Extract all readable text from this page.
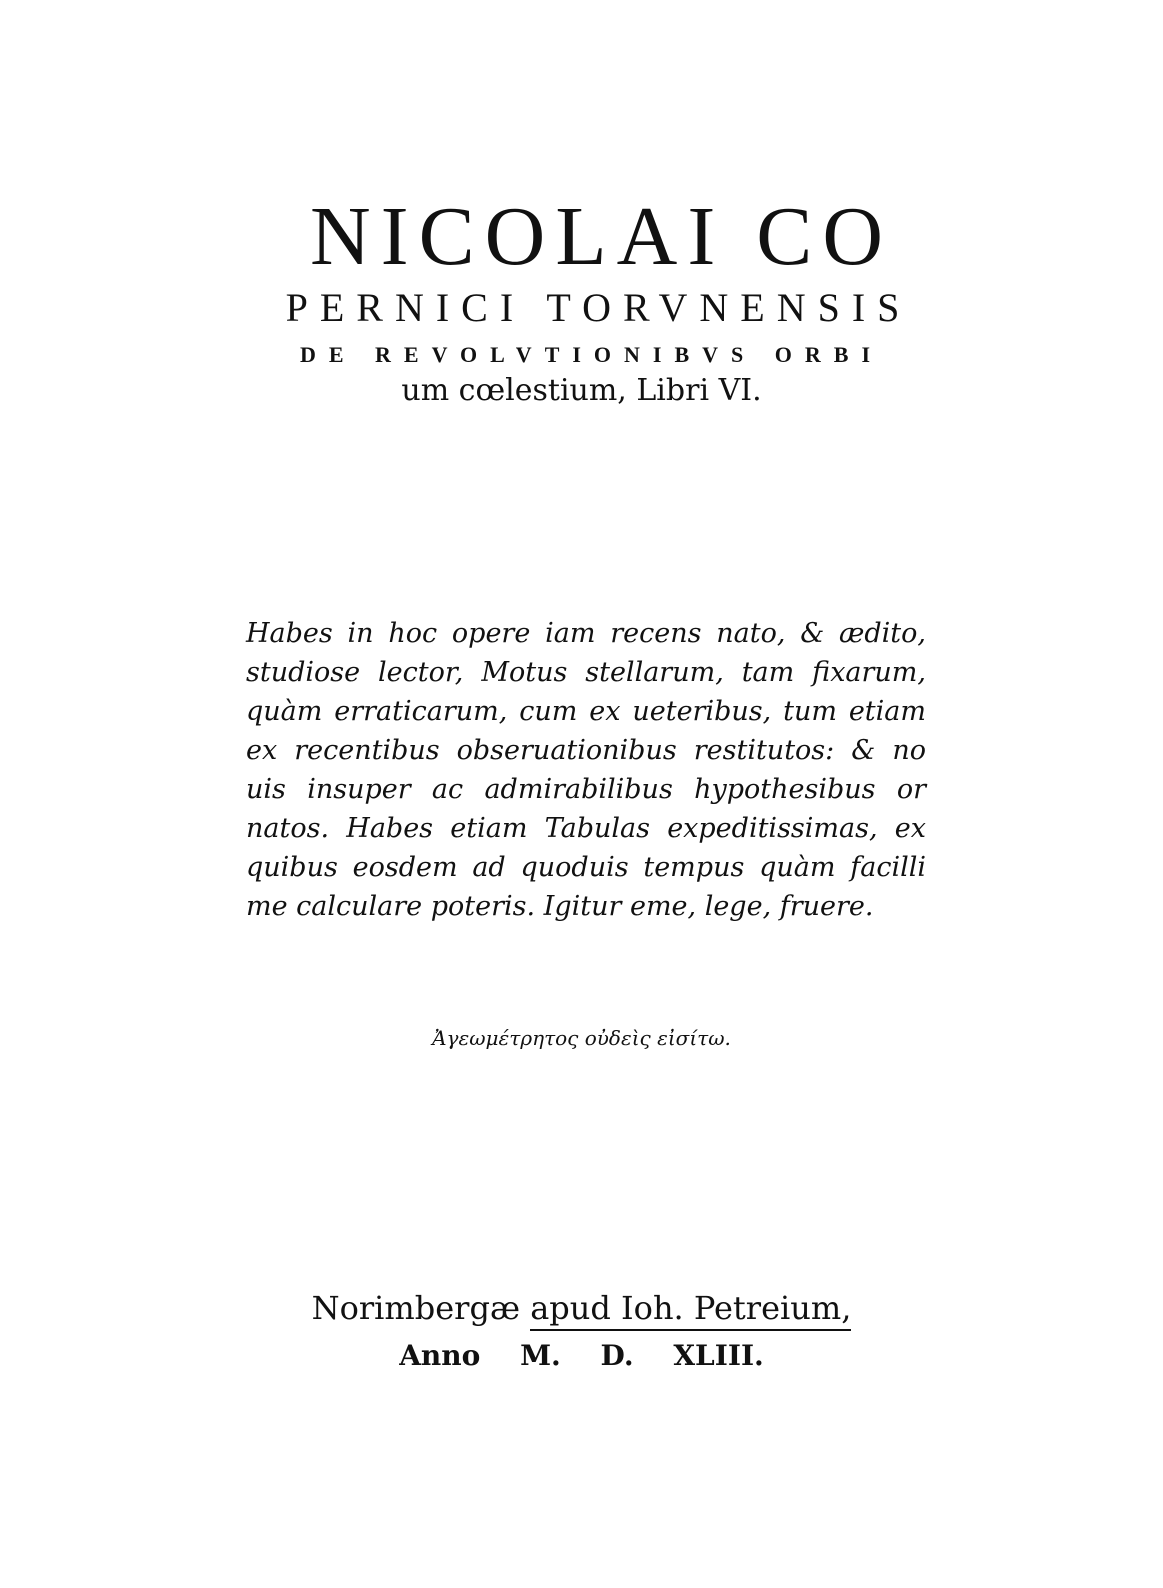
NICOLAI CO
PERNICI TORVNENSIS
DE REVOLVTIONIBVS ORBI
um cœlestium, Libri VI.
Habes in hoc opere iam recens nato, & ædito,
studiose lector, Motus stellarum, tam fixarum,
quàm erraticarum, cum ex ueteribus, tum etiam
ex recentibus obseruationibus restitutos: & no
uis insuper ac admirabilibus hypothesibus or
natos. Habes etiam Tabulas expeditissimas, ex
quibus eosdem ad quoduis tempus quàm facilli
me calculare poteris. Igitur eme, lege, fruere.
Ἀγεωμέτρητος οὐδεὶς εἰσίτω.
Norimbergæ apud Ioh. Petreium,
Anno M. D. XLIII.
